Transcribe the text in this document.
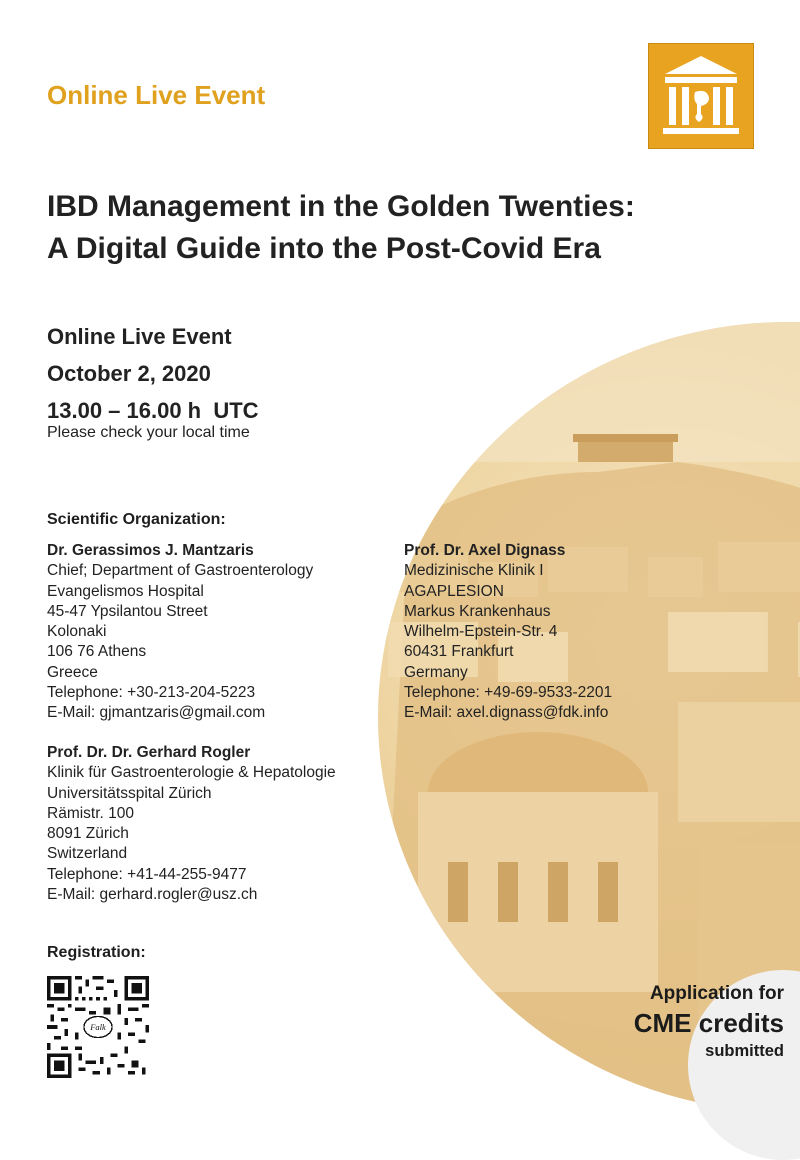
Online Live Event
IBD Management in the Golden Twenties:
A Digital Guide into the Post-Covid Era
Online Live Event
October 2, 2020
13.00 – 16.00 h  UTC
Please check your local time
Scientific Organization:
Dr. Gerassimos J. Mantzaris
Chief; Department of Gastroenterology
Evangelismos Hospital
45-47 Ypsilantou Street
Kolonaki
106 76 Athens
Greece
Telephone: +30-213-204-5223
E-Mail: gjmantzaris@gmail.com
Prof. Dr. Axel Dignass
Medizinische Klinik I
AGAPLESION
Markus Krankenhaus
Wilhelm-Epstein-Str. 4
60431 Frankfurt
Germany
Telephone: +49-69-9533-2201
E-Mail: axel.dignass@fdk.info
Prof. Dr. Dr. Gerhard Rogler
Klinik für Gastroenterologie & Hepatologie
Universitätsspital Zürich
Rämistr. 100
8091 Zürich
Switzerland
Telephone: +41-44-255-9477
E-Mail: gerhard.rogler@usz.ch
Registration:
Falk
Application for
CME credits
submitted
